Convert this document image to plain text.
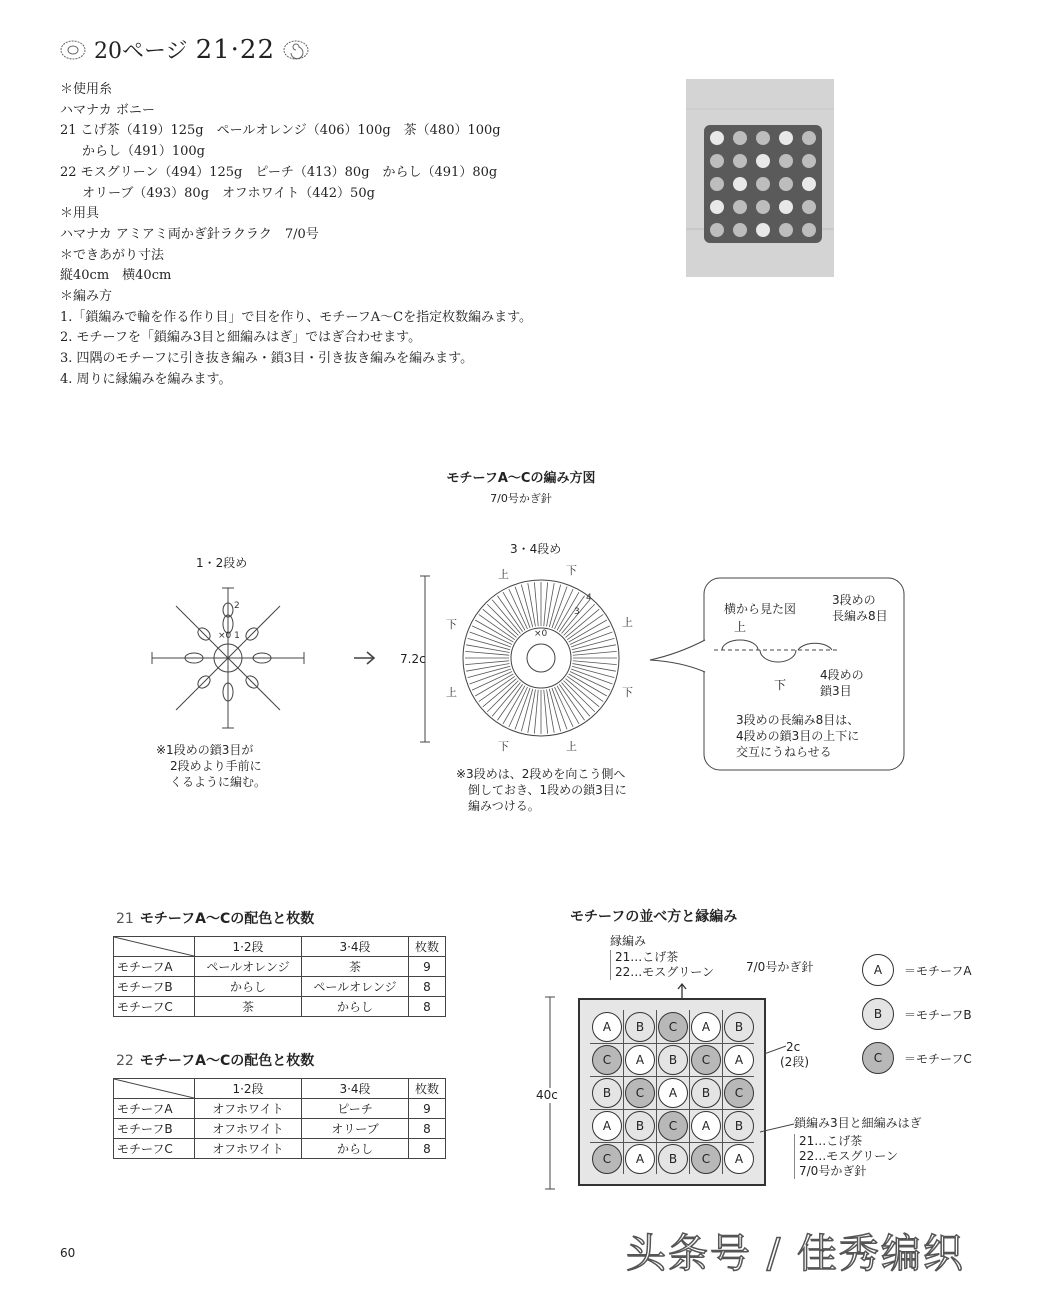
20ページ 21·22
＊使用糸
ハマナカ ボニー
21 こげ茶（419）125g　ペールオレンジ（406）100g　茶（480）100g
からし（491）100g
22 モスグリーン（494）125g　ピーチ（413）80g　からし（491）80g
オリーブ（493）80g　オフホワイト（442）50g
＊用具
ハマナカ アミアミ両かぎ針ラクラク　7/0号
＊できあがり寸法
縦40cm　横40cm
＊編み方
1.「鎖編みで輪を作る作り目」で目を作り、モチーフA〜Cを指定枚数編みます。
2. モチーフを「鎖編み3目と細編みはぎ」ではぎ合わせます。
3. 四隅のモチーフに引き抜き編み・鎖3目・引き抜き編みを編みます。
4. 周りに縁編みを編みます。
モチーフA〜Cの編み方図
7/0号かぎ針
1・2段め
3・4段め
2
×0 1
※1段めの鎖3目が
2段めより手前に
くるように編む。
7.2c
上	下
下	上
上	下
下	上
×0
4
3
※3段めは、2段めを向こう側へ
倒しておき、1段めの鎖3目に
編みつける。
横から見た図
上
下
3段めの
長編み8目
4段めの
鎖3目
3段めの長編み8目は、
4段めの鎖3目の上下に
交互にうねらせる
21 モチーフA〜Cの配色と枚数
	1·2段	3·4段	枚数
モチーフA	ペールオレンジ	茶	9
モチーフB	からし	ペールオレンジ	8
モチーフC	茶	からし	8
22 モチーフA〜Cの配色と枚数
	1·2段	3·4段	枚数
モチーフA	オフホワイト	ピーチ	9
モチーフB	オフホワイト	オリーブ	8
モチーフC	オフホワイト	からし	8
モチーフの並べ方と縁編み
縁編み
21…こげ茶
22…モスグリーン	7/0号かぎ針
40c
A	B	C	A	B
C	A	B	C	A
B	C	A	B	C
A	B	C	A	B
C	A	B	C	A
2c
(2段)
鎖編み3目と細編みはぎ
21…こげ茶
22…モスグリーン
7/0号かぎ針
A	＝モチーフA
B	＝モチーフB
C	＝モチーフC
60	头条号 / 佳秀编织
